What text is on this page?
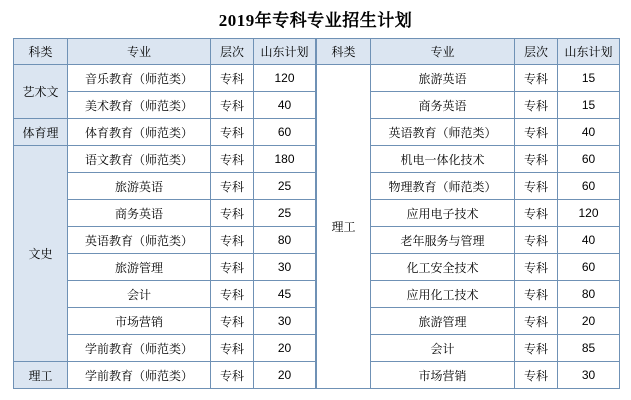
2019年专科专业招生计划
科类	专业	层次	山东计划
艺术文	音乐教育（师范类）	专科	120
	美术教育（师范类）	专科	40
体育理	体育教育（师范类）	专科	60
文史	语文教育（师范类）	专科	180
	旅游英语	专科	25
	商务英语	专科	25
	英语教育（师范类）	专科	80
	旅游管理	专科	30
	会计	专科	45
	市场营销	专科	30
	学前教育（师范类）	专科	20
理工	学前教育（师范类）	专科	20
科类	专业	层次	山东计划
理工	旅游英语	专科	15
	商务英语	专科	15
	英语教育（师范类）	专科	40
	机电一体化技术	专科	60
	物理教育（师范类）	专科	60
	应用电子技术	专科	120
	老年服务与管理	专科	40
	化工安全技术	专科	60
	应用化工技术	专科	80
	旅游管理	专科	20
	会计	专科	85
	市场营销	专科	30
